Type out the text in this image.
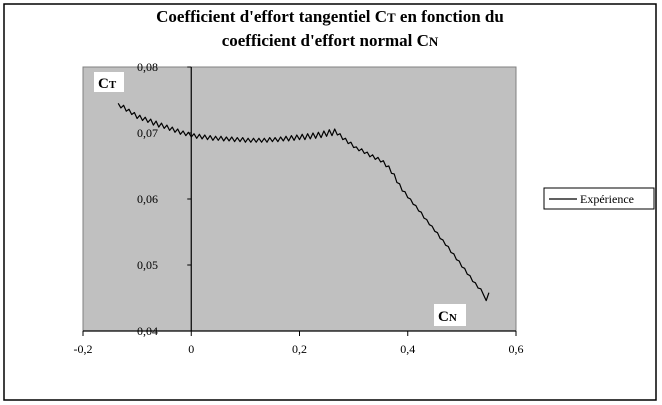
Coefficient d'effort tangentiel CT en fonction du
coefficient d'effort normal CN
0,04
0,05
0,06
0,07
0,08
-0,2	0	0,2	0,4	0,6
CT
CN
Expérience
